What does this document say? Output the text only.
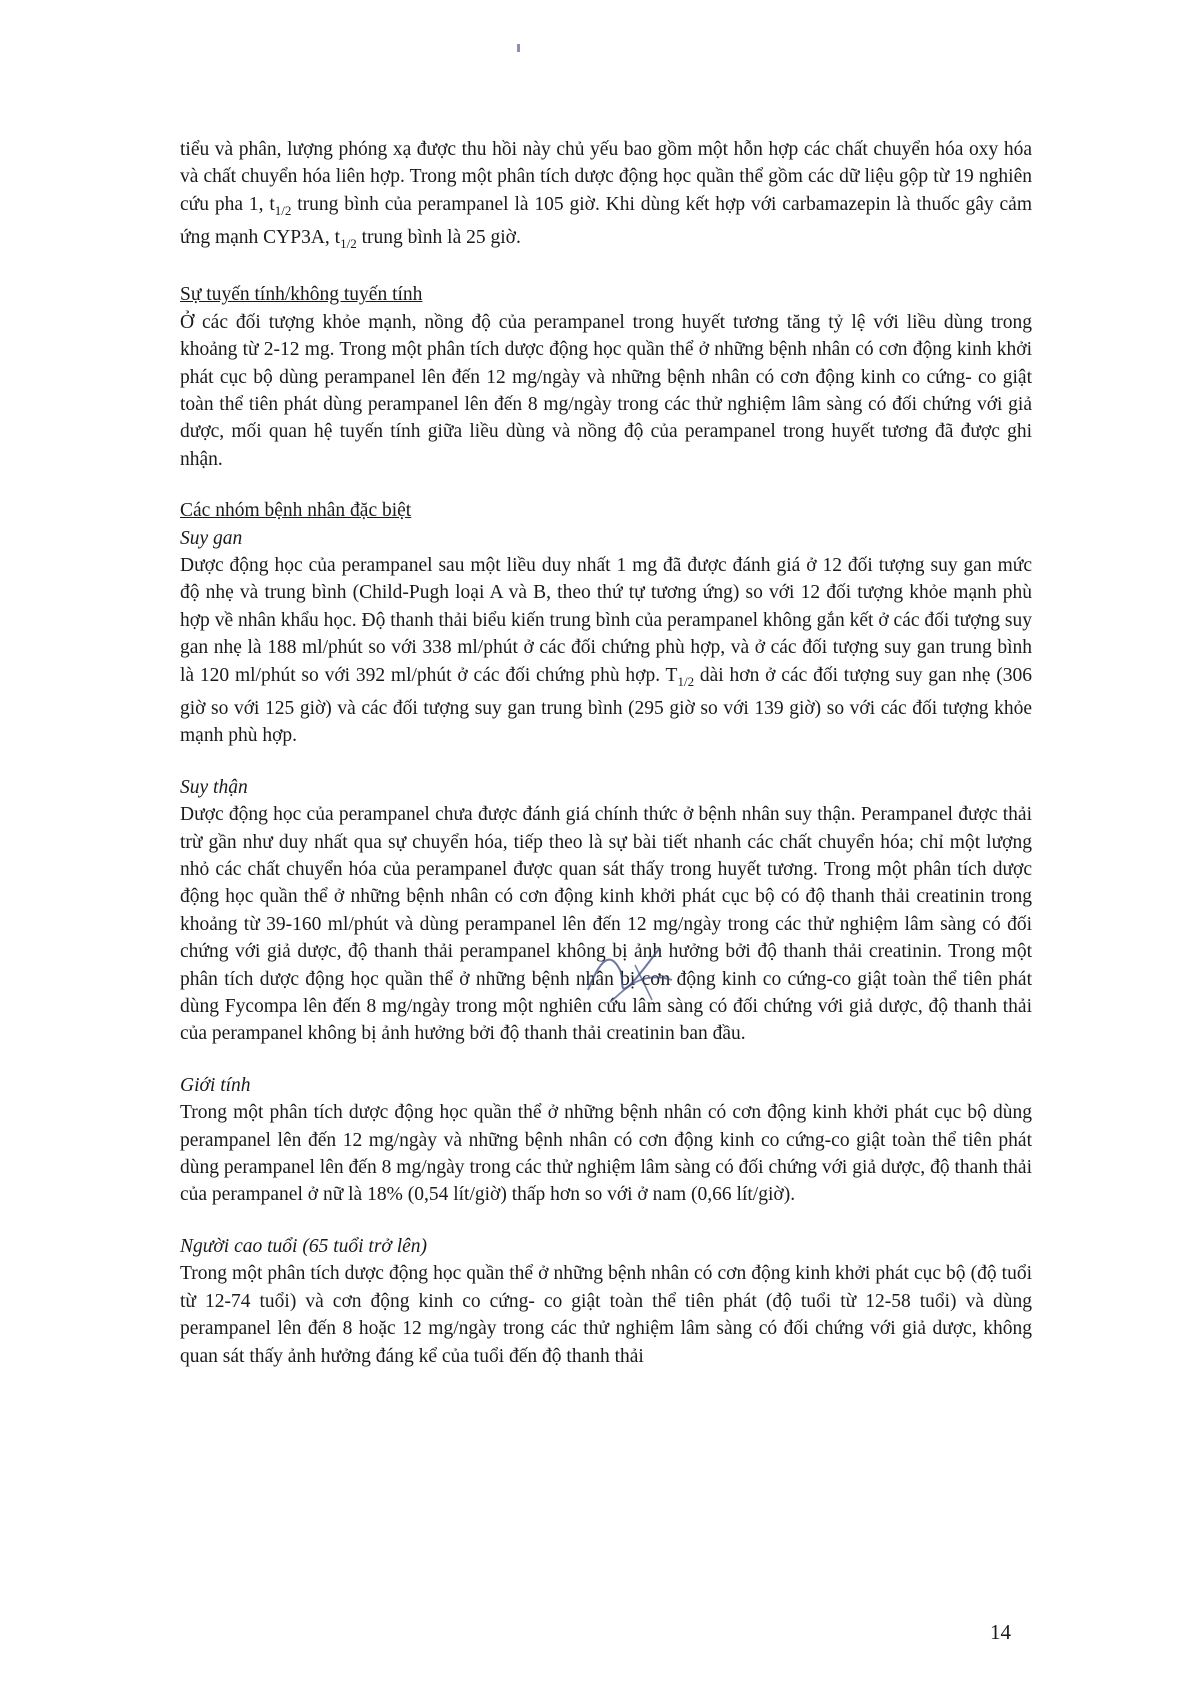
tiểu và phân, lượng phóng xạ được thu hồi này chủ yếu bao gồm một hỗn hợp các chất chuyển hóa oxy hóa và chất chuyển hóa liên hợp. Trong một phân tích dược động học quần thể gồm các dữ liệu gộp từ 19 nghiên cứu pha 1, $t_{1/2}$ trung bình của perampanel là 105 giờ. Khi dùng kết hợp với carbamazepin là thuốc gây cảm ứng mạnh CYP3A, $t_{1/2}$ trung bình là 25 giờ.

Sự tuyến tính/không tuyến tính

Ở các đối tượng khỏe mạnh, nồng độ của perampanel trong huyết tương tăng tỷ lệ với liều dùng trong khoảng từ 2-12 mg. Trong một phân tích dược động học quần thể ở những bệnh nhân có cơn động kinh khởi phát cục bộ dùng perampanel lên đến 12 mg/ngày và những bệnh nhân có cơn động kinh co cứng- co giật toàn thể tiên phát dùng perampanel lên đến 8 mg/ngày trong các thử nghiệm lâm sàng có đối chứng với giả dược, mối quan hệ tuyến tính giữa liều dùng và nồng độ của perampanel trong huyết tương đã được ghi nhận.

Các nhóm bệnh nhân đặc biệt

Suy gan

Dược động học của perampanel sau một liều duy nhất 1 mg đã được đánh giá ở 12 đối tượng suy gan mức độ nhẹ và trung bình (Child-Pugh loại A và B, theo thứ tự tương ứng) so với 12 đối tượng khỏe mạnh phù hợp về nhân khẩu học. Độ thanh thải biểu kiến trung bình của perampanel không gắn kết ở các đối tượng suy gan nhẹ là 188 ml/phút so với 338 ml/phút ở các đối chứng phù hợp, và ở các đối tượng suy gan trung bình là 120 ml/phút so với 392 ml/phút ở các đối chứng phù hợp. $T_{1/2}$ dài hơn ở các đối tượng suy gan nhẹ (306 giờ so với 125 giờ) và các đối tượng suy gan trung bình (295 giờ so với 139 giờ) so với các đối tượng khỏe mạnh phù hợp.

Suy thận

Dược động học của perampanel chưa được đánh giá chính thức ở bệnh nhân suy thận. Perampanel được thải trừ gần như duy nhất qua sự chuyển hóa, tiếp theo là sự bài tiết nhanh các chất chuyển hóa; chỉ một lượng nhỏ các chất chuyển hóa của perampanel được quan sát thấy trong huyết tương. Trong một phân tích dược động học quần thể ở những bệnh nhân có cơn động kinh khởi phát cục bộ có độ thanh thải creatinin trong khoảng từ 39-160 ml/phút và dùng perampanel lên đến 12 mg/ngày trong các thử nghiệm lâm sàng có đối chứng với giả dược, độ thanh thải perampanel không bị ảnh hưởng bởi độ thanh thải creatinin. Trong một phân tích dược động học quần thể ở những bệnh nhân bị cơn động kinh co cứng-co giật toàn thể tiên phát dùng Fycompa lên đến 8 mg/ngày trong một nghiên cứu lâm sàng có đối chứng với giả dược, độ thanh thải của perampanel không bị ảnh hưởng bởi độ thanh thải creatinin ban đầu.

Giới tính

Trong một phân tích dược động học quần thể ở những bệnh nhân có cơn động kinh khởi phát cục bộ dùng perampanel lên đến 12 mg/ngày và những bệnh nhân có cơn động kinh co cứng-co giật toàn thể tiên phát dùng perampanel lên đến 8 mg/ngày trong các thử nghiệm lâm sàng có đối chứng với giả dược, độ thanh thải của perampanel ở nữ là 18% (0,54 lít/giờ) thấp hơn so với ở nam (0,66 lít/giờ).

Người cao tuổi (65 tuổi trở lên)

Trong một phân tích dược động học quần thể ở những bệnh nhân có cơn động kinh khởi phát cục bộ (độ tuổi từ 12-74 tuổi) và cơn động kinh co cứng- co giật toàn thể tiên phát (độ tuổi từ 12-58 tuổi) và dùng perampanel lên đến 8 hoặc 12 mg/ngày trong các thử nghiệm lâm sàng có đối chứng với giả dược, không quan sát thấy ảnh hưởng đáng kể của tuổi đến độ thanh thải

14
